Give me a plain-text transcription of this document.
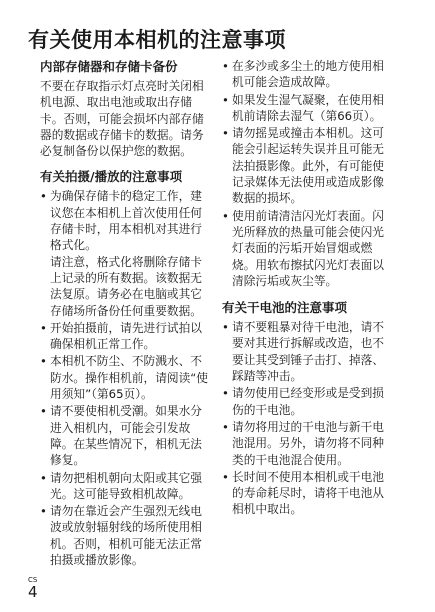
有关使用本相机的注意事项
内部存储器和存储卡备份

不要在存取指示灯点亮时关闭相机电源、取出电池或取出存储卡。否则，可能会损坏内部存储器的数据或存储卡的数据。请务必复制备份以保护您的数据。

有关拍摄/播放的注意事项
• 为确保存储卡的稳定工作，建议您在本相机上首次使用任何存储卡时，用本相机对其进行格式化。
请注意，格式化将删除存储卡上记录的所有数据。该数据无法复原。请务必在电脑或其它存储场所备份任何重要数据。
• 开始拍摄前，请先进行试拍以确保相机正常工作。
• 本相机不防尘、不防溅水、不防水。操作相机前，请阅读“使用须知”（第65页）。
• 请不要使相机受潮。如果水分进入相机内，可能会引发故障。在某些情况下，相机无法修复。
• 请勿把相机朝向太阳或其它强光。这可能导致相机故障。
• 请勿在靠近会产生强烈无线电波或放射辐射线的场所使用相机。否则，相机可能无法正常拍摄或播放影像。
• 在多沙或多尘土的地方使用相机可能会造成故障。
• 如果发生湿气凝聚，在使用相机前请除去湿气（第66页）。
• 请勿摇晃或撞击本相机。这可能会引起运转失误并且可能无法拍摄影像。此外，有可能使记录媒体无法使用或造成影像数据的损坏。
• 使用前请清洁闪光灯表面。闪光所释放的热量可能会使闪光灯表面的污垢开始冒烟或燃烧。用软布擦拭闪光灯表面以清除污垢或灰尘等。
有关干电池的注意事项
• 请不要粗暴对待干电池，请不要对其进行拆解或改造，也不要让其受到锤子击打、掉落、踩踏等冲击。
• 请勿使用已经变形或是受到损伤的干电池。
• 请勿将用过的干电池与新干电池混用。另外，请勿将不同种类的干电池混合使用。
• 长时间不使用本相机或干电池的寿命耗尽时，请将干电池从相机中取出。
CS
4
